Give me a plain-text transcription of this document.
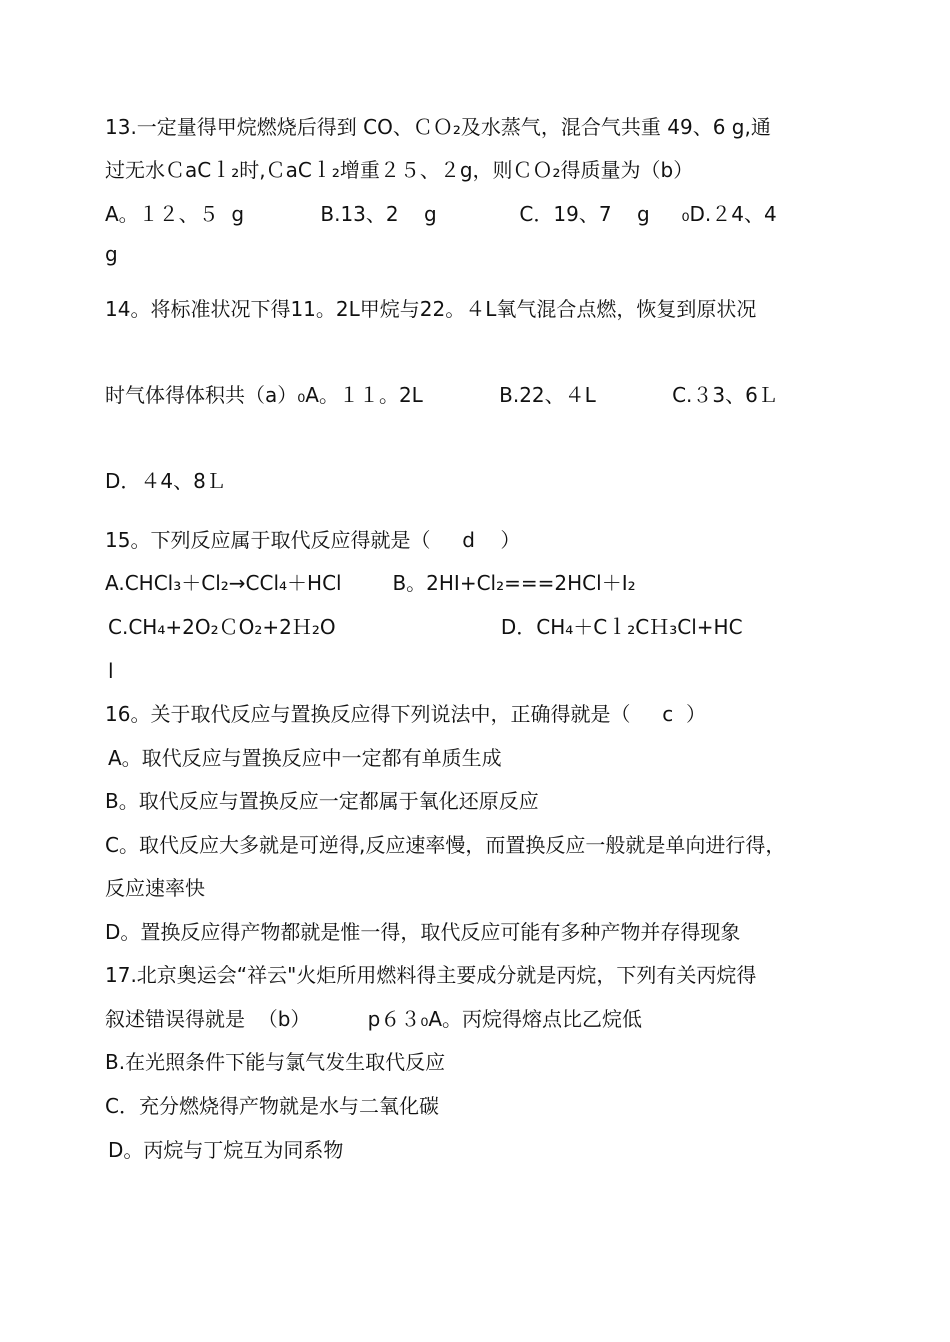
13.一定量得甲烷燃烧后得到 CO、ＣＯ₂及水蒸气，混合气共重 49、6 g,通
过无水ＣaCｌ₂时,ＣaCｌ₂增重２５、２g，则ＣＯ₂得质量为（b）
A。１２、５  g            B.13、2    g             C．19、7    g     ₀D.２4、4
g
14。将标准状况下得11。2L甲烷与22。４L氧气混合点燃，恢复到原状况
时气体得体积共（a）₀A。１１。2L            B.22、４L            C.３3、6Ｌ
D．４4、8Ｌ
15。下列反应属于取代反应得就是（     d    ）
A.CHCl₃＋Cl₂→CCl₄＋HCl        B。2HI+Cl₂===2HCl＋I₂
C.CH₄+2O₂ＣO₂+2Ｈ₂O                          D．CH₄＋Cｌ₂CＨ₃Cl+HC
l
16。关于取代反应与置换反应得下列说法中，正确得就是（     c  ）
A。取代反应与置换反应中一定都有单质生成
B。取代反应与置换反应一定都属于氧化还原反应
C。取代反应大多就是可逆得,反应速率慢，而置换反应一般就是单向进行得，
反应速率快
D。置换反应得产物都就是惟一得，取代反应可能有多种产物并存得现象
17.北京奥运会“祥云"火炬所用燃料得主要成分就是丙烷，下列有关丙烷得
叙述错误得就是  （b）         p６３₀A。丙烷得熔点比乙烷低
B.在光照条件下能与氯气发生取代反应
C．充分燃烧得产物就是水与二氧化碳
D。丙烷与丁烷互为同系物
